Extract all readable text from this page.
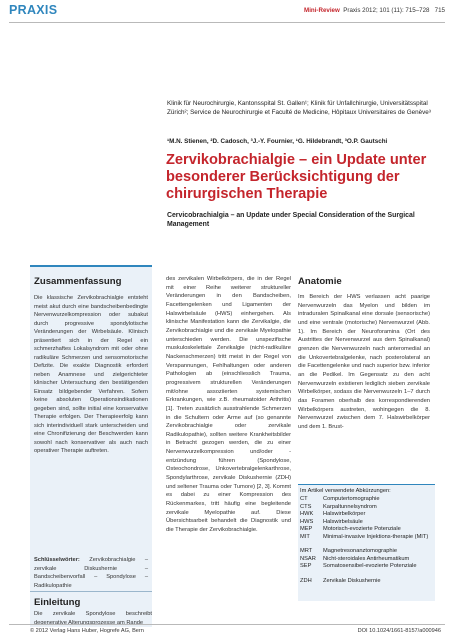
PRAXIS	Mini-Review Praxis 2012; 101 (11): 715–728 715
Klinik für Neurochirurgie, Kantonsspital St. Gallen¹; Klinik für Unfallchirurgie, Universitätsspital Zürich²; Service de Neurochirurgie et Faculté de Medicine, Hôpitaux Universitaires de Genève³
¹M.N. Stienen, ²D. Cadosch, ³J.-Y. Fournier, ¹G. Hildebrandt, ³O.P. Gautschi
Zervikobrachialgie – ein Update unter besonderer Berücksichtigung der chirurgischen Therapie
Cervicobrachialgia – an Update under Special Consideration of the Surgical Management
Zusammenfassung
Die klassische Zervikobrachialgie entsteht meist akut durch eine bandscheibenbedingte Nervenwurzelkompression oder subakut durch progressive spondylotische Veränderungen der Wirbelsäule. Klinisch präsentiert sich in der Regel ein schmerzhaftes Lokalsyndrom mit oder ohne radikuläre Schmerzen und sensomotorische Defizite. Die exakte Diagnostik erfordert neben Anamnese und zielgerichteter klinischer Untersuchung den bestätigenden Einsatz bildgebender Verfahren. Sofern keine absoluten Operationsindikationen gegeben sind, sollte initial eine konservative Therapie erfolgen. Der Therapieerfolg kann sich interindividuell stark unterscheiden und eine Chronifizierung der Beschwerden kann sowohl nach konservativer als auch nach operativer Therapie auftreten.
Schlüsselwörter: Zervikobrachialgie – zervikale Diskushernie – Bandscheibenvorfall – Spondylose – Radikulopathie
Einleitung
Die zervikale Spondylose beschreibt degenerative Alterungsprozesse am Rande
des zervikalen Wirbelkörpers, die in der Regel mit einer Reihe weiterer struktureller Veränderungen in den Bandscheiben, Facettengelenken und Ligamenten der Halswirbelsäule (HWS) einhergehen. Als klinische Manifestation kann die Zervikalgie, die Zervikobrachialgie und die zervikale Myelopathie unterschieden werden. Die unspezifische muskuloskelettale Zervikalgie (nicht-radikuläre Nackenschmerzen) tritt meist in der Regel von Verspannungen, Fehlhaltungen oder anderen Pathologien ab (einschliesslich Trauma, progressivem strukturellen Veränderungen mit/ohne assoziierten systemischen Erkrankungen, wie z.B. rheumatoider Arthritis) [1]. Treten zusätzlich ausstrahlende Schmerzen in die Schultern oder Arme auf (so genannte Zervikobrachialgie oder zervikale Radikulopathie), sollten weitere Krankheitsbilder in Betracht gezogen werden, die zu einer Nervenwurzelkompression und/oder -entzündung führen (Spondylose, Osteochondrose, Unkovertebralgelenkarthrose, Spondylarthrose, zervikale Diskushernie (ZDH) und seltener Trauma oder Tumore) [2, 3]. Kommt es dabei zu einer Kompression des Rückenmarkes, tritt häufig eine begleitende zervikale Myelopathie auf. Diese Übersichtsarbeit behandelt die Diagnostik und die Therapie der Zervikobrachialgie.
Anatomie
Im Bereich der HWS verlassen acht paarige Nervenwurzeln das Myelon und bilden im intraduralen Spinalkanal eine dorsale (sensorische) und eine ventrale (motorische) Nervenwurzel (Abb. 1). Im Bereich der Neuroforamina (Ort des Austrittes der Nervenwurzel aus dem Spinalkanal) grenzen die Nervenwurzeln nach anteromedial an die Unkovertebralgelenke, nach posterolateral an die Facettengelenke und nach superior bzw. inferior an die Pedikel. Im Gegensatz zu den acht Nervenwurzeln existieren lediglich sieben zervikale Wirbelkörper, sodass die Nervenwurzeln 1–7 durch das Foramen oberhalb des korrespondierenden Wirbelkörpers austreten, wohingegen die 8. Nervenwurzel zwischen dem 7. Halswirbelkörper und dem 1. Brust-
Im Artikel verwendete Abkürzungen:
CT	Computertomographie
CTS Karpaltunnelsyndrom
HWK Halswirbelkörper
HWS Halswirbelsäule
MEP Motorisch-evozierte Potenziale
MIT Minimal-invasive Injektions-therapie (MIT)
MRT Magnetresonanztomographie
NSAR Nicht-steroidales Antirheumatikum
SEP Somatosensibel-evozierte Potenziale
ZDH Zervikale Diskushernie
© 2012 Verlag Hans Huber, Hogrefe AG, Bern	DOI 10.1024/1661-8157/a000946
